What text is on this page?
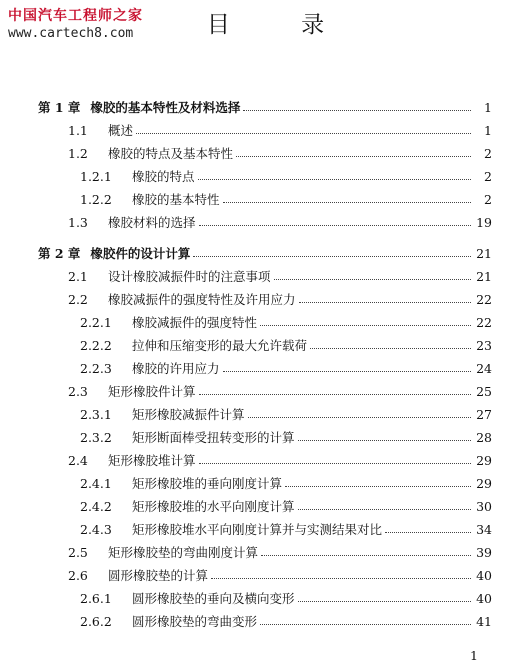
中国汽车工程师之家
www.cartech8.com	目 录
第 1 章 橡胶的基本特性及材料选择	1
1.1	概述	1
1.2	橡胶的特点及基本特性	2
1.2.1	橡胶的特点	2
1.2.2	橡胶的基本特性	2
1.3	橡胶材料的选择	19
第 2 章 橡胶件的设计计算	21
2.1	设计橡胶减振件时的注意事项	21
2.2	橡胶减振件的强度特性及许用应力	22
2.2.1	橡胶减振件的强度特性	22
2.2.2	拉伸和压缩变形的最大允许载荷	23
2.2.3	橡胶的许用应力	24
2.3	矩形橡胶件计算	25
2.3.1	矩形橡胶减振件计算	27
2.3.2	矩形断面棒受扭转变形的计算	28
2.4	矩形橡胶堆计算	29
2.4.1	矩形橡胶堆的垂向刚度计算	29
2.4.2	矩形橡胶堆的水平向刚度计算	30
2.4.3	矩形橡胶堆水平向刚度计算并与实测结果对比	34
2.5	矩形橡胶垫的弯曲刚度计算	39
2.6	圆形橡胶垫的计算	40
2.6.1	圆形橡胶垫的垂向及横向变形	40
2.6.2	圆形橡胶垫的弯曲变形	41
1
